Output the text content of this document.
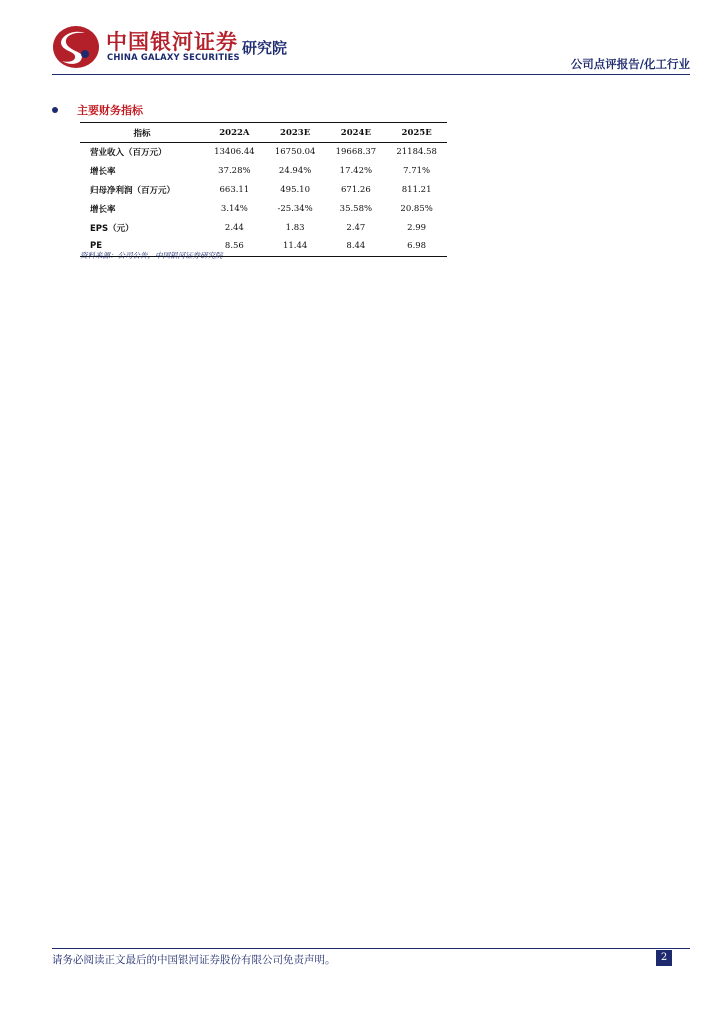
中国银河证券
CHINA GALAXY SECURITIES 研究院
公司点评报告/化工行业
主要财务指标
指标	2022A	2023E	2024E	2025E
营业收入（百万元）	13406.44	16750.04	19668.37	21184.58
增长率	37.28%	24.94%	17.42%	7.71%
归母净利润（百万元）	663.11	495.10	671.26	811.21
增长率	3.14%	-25.34%	35.58%	20.85%
EPS（元）	2.44	1.83	2.47	2.99
PE	8.56	11.44	8.44	6.98
资料来源：公司公告，中国银河证券研究院
请务必阅读正文最后的中国银河证券股份有限公司免责声明。	2
